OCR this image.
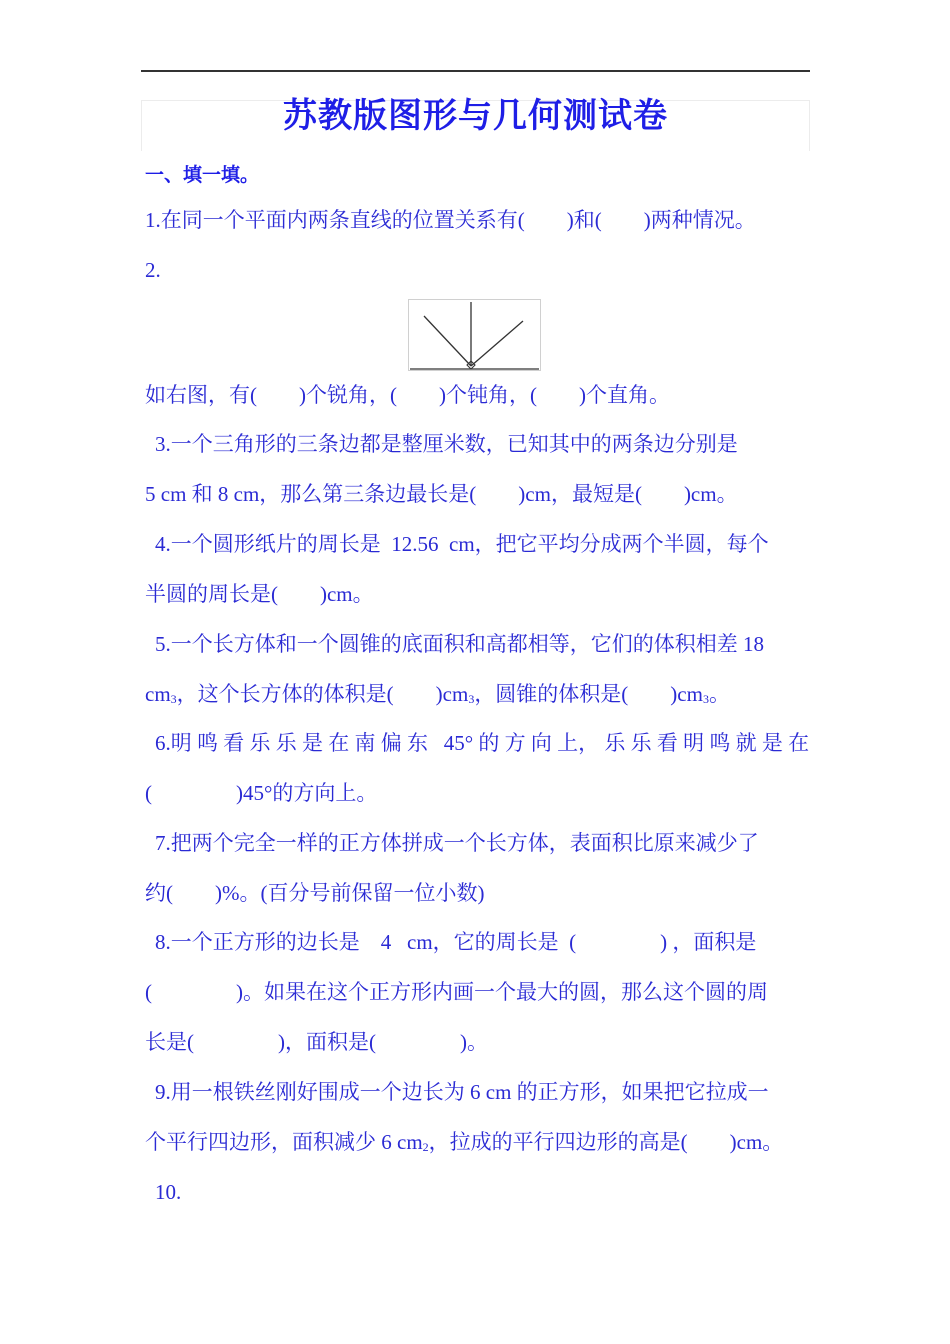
苏教版图形与几何测试卷
一、填一填。
1.在同一个平面内两条直线的位置关系有(        )和(        )两种情况。
2.
如右图，有(        )个锐角，(        )个钝角，(        )个直角。
3.一个三角形的三条边都是整厘米数，已知其中的两条边分别是
5 cm 和 8 cm，那么第三条边最长是(        )cm，最短是(        )cm。
4.一个圆形纸片的周长是  12.56  cm，把它平均分成两个半圆，每个
半圆的周长是(        )cm。
5.一个长方体和一个圆锥的底面积和高都相等，它们的体积相差 18
$cm^3$，这个长方体的体积是(        )$cm^3$，圆锥的体积是(        )$cm^3$。
6.明 鸣 看 乐 乐 是 在 南 偏 东   45° 的 方 向 上， 乐 乐 看 明 鸣 就 是 在
(                )45°的方向上。
7.把两个完全一样的正方体拼成一个长方体，表面积比原来减少了
约(        )%。(百分号前保留一位小数)
8.一个正方形的边长是    4   cm，它的周长是  (                ) ，面积是
(                )。如果在这个正方形内画一个最大的圆，那么这个圆的周
长是(                )，面积是(                )。
9.用一根铁丝刚好围成一个边长为 6 cm 的正方形，如果把它拉成一
个平行四边形，面积减少 6 $cm^2$，拉成的平行四边形的高是(        )cm。
10.
